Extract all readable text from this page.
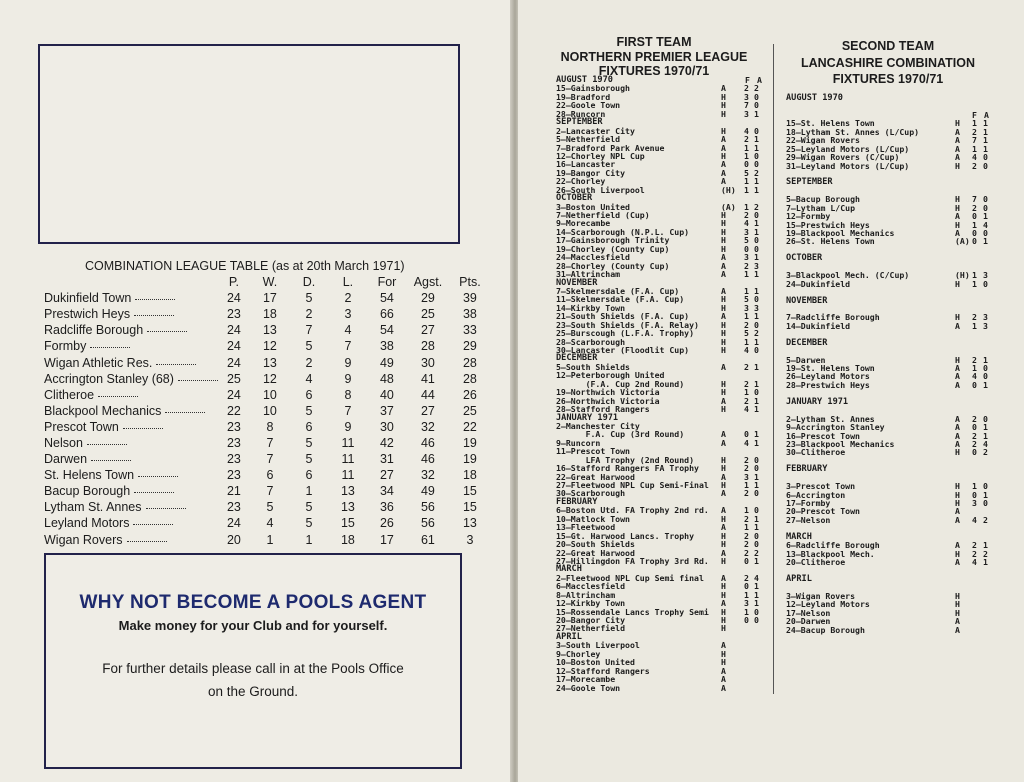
COMBINATION LEAGUE TABLE (as at 20th March 1971)
	P.	W.	D.	L.	For	Agst.	Pts.
Dukinfield Town	24	17	5	2	54	29	39
Prestwich Heys	23	18	2	3	66	25	38
Radcliffe Borough	24	13	7	4	54	27	33
Formby	24	12	5	7	38	28	29
Wigan Athletic Res.	24	13	2	9	49	30	28
Accrington Stanley (68)	25	12	4	9	48	41	28
Clitheroe	24	10	6	8	40	44	26
Blackpool Mechanics	22	10	5	7	37	27	25
Prescot Town	23	8	6	9	30	32	22
Nelson	23	7	5	11	42	46	19
Darwen	23	7	5	11	31	46	19
St. Helens Town	23	6	6	11	27	32	18
Bacup Borough	21	7	1	13	34	49	15
Lytham St. Annes	23	5	5	13	36	56	15
Leyland Motors	24	4	5	15	26	56	13
Wigan Rovers	20	1	1	18	17	61	3
WHY NOT BECOME A POOLS AGENT
Make money for your Club and for yourself.
For further details please call in at the Pools Office
on the Ground.
FIRST TEAM
NORTHERN PREMIER LEAGUE
FIXTURES 1970/71
F A
AUGUST 1970
15—Gainsborough	A 2 2
19—Bradford	H 3 0
22—Goole Town	H 7 0
28—Runcorn	H 3 1
SEPTEMBER
2—Lancaster City	H 4 0
5—Netherfield	A 2 1
7—Bradford Park Avenue	A 1 1
12—Chorley NPL Cup	H 1 0
16—Lancaster	A 0 0
19—Bangor City	A 5 2
22—Chorley	A 1 1
26—South Liverpool	(H) 1 1
OCTOBER
3—Boston United	(A) 1 2
7—Netherfield (Cup)	H 2 0
9—Morecambe	H 4 1
14—Scarborough (N.P.L. Cup)	H 3 1
17—Gainsborough Trinity	H 5 0
19—Chorley (County Cup)	H 0 0
24—Macclesfield	A 3 1
28—Chorley (County Cup)	A 2 3
31—Altrincham	A 1 1
NOVEMBER
7—Skelmersdale (F.A. Cup)	A 1 1
11—Skelmersdale (F.A. Cup)	H 5 0
14—Kirkby Town	H 3 3
21—South Shields (F.A. Cup)	A 1 1
23—South Shields (F.A. Relay)	H 2 0
25—Burscough (L.F.A. Trophy)	H 5 2
28—Scarborough	H 1 1
30—Lancaster (Floodlit Cup)	H 4 0
DECEMBER
5—South Shields	A 2 1
12—Peterborough United
(F.A. Cup 2nd Round)	H 2 1
19—Northwich Victoria	H 1 0
26—Northwich Victoria	A 2 1
28—Stafford Rangers	H 4 1
JANUARY 1971
2—Manchester City
F.A. Cup (3rd Round)	A 0 1
9—Runcorn	A 4 1
11—Prescot Town
LFA Trophy (2nd Round)	H 2 0
16—Stafford Rangers FA Trophy	H 2 0
22—Great Harwood	A 3 1
27—Fleetwood NPL Cup Semi-Final H 1 1
30—Scarborough	A 2 0
FEBRUARY
6—Boston Utd. FA Trophy 2nd rd. A 1 0
10—Matlock Town	H 2 1
13—Fleetwood	A 1 1
15—Gt. Harwood Lancs. Trophy	H 2 0
20—South Shields	H 2 0
22—Great Harwood	A 2 2
27—Hillingdon FA Trophy 3rd Rd. H 0 1
MARCH
2—Fleetwood NPL Cup Semi final A 2 4
6—Macclesfield	H 0 1
8—Altrincham	H 1 1
12—Kirkby Town	A 3 1
15—Rossendale Lancs Trophy Semi H 1 0
20—Bangor City	H 0 0
27—Netherfield	H
APRIL
3—South Liverpool	A
9—Chorley	H
10—Boston United	H
12—Stafford Rangers	A
17—Morecambe	A
24—Goole Town	A
SECOND TEAM
LANCASHIRE COMBINATION
FIXTURES 1970/71
F A
AUGUST 1970
15—St. Helens Town	H 1 1
18—Lytham St. Annes (L/Cup)	A 2 1
22—Wigan Rovers	A 7 1
25—Leyland Motors (L/Cup)	A 1 1
29—Wigan Rovers (C/Cup)	A 4 0
31—Leyland Motors (L/Cup)	H 2 0
SEPTEMBER
5—Bacup Borough	H 7 0
7—Lytham L/Cup	H 2 0
12—Formby	A 0 1
15—Prestwich Heys	H 1 4
19—Blackpool Mechanics	A 0 0
26—St. Helens Town	(A) 0 1
OCTOBER
3—Blackpool Mech. (C/Cup)	(H) 1 3
24—Dukinfield	H 1 0
NOVEMBER
7—Radcliffe Borough	H 2 3
14—Dukinfield	A 1 3
DECEMBER
5—Darwen	H 2 1
19—St. Helens Town	A 1 0
26—Leyland Motors	A 4 0
28—Prestwich Heys	A 0 1
JANUARY 1971
2—Lytham St. Annes	A 2 0
9—Accrington Stanley	A 0 1
16—Prescot Town	A 2 1
23—Blackpool Mechanics	A 2 4
30—Clitheroe	H 0 2
FEBRUARY
3—Prescot Town	H 1 0
6—Accrington	H 0 1
17—Formby	H 3 0
20—Prescot Town	A
27—Nelson	A 4 2
MARCH
6—Radcliffe Borough	A 2 1
13—Blackpool Mech.	H 2 2
20—Clitheroe	A 4 1
APRIL
3—Wigan Rovers	H
12—Leyland Motors	H
17—Nelson	H
20—Darwen	A
24—Bacup Borough	A
